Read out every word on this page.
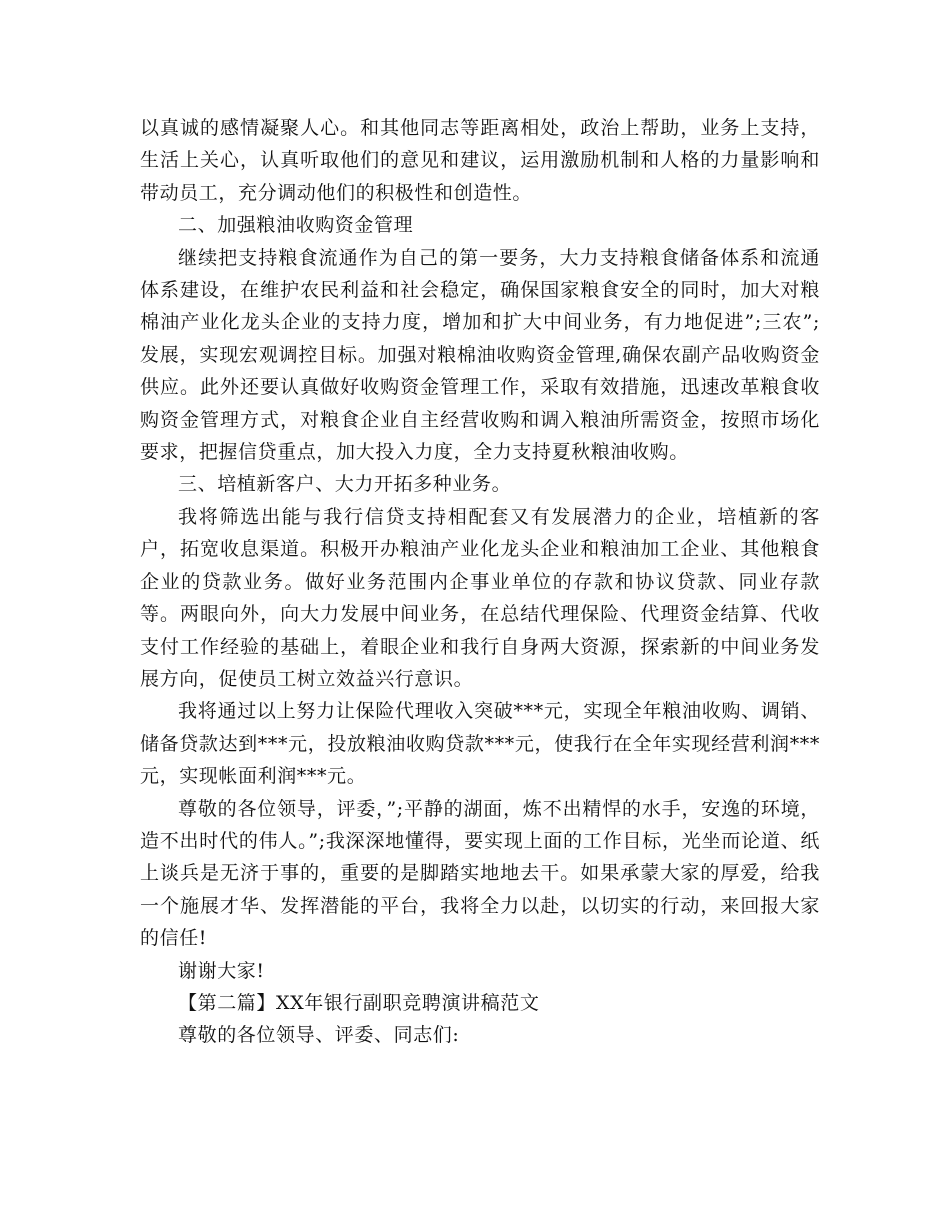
以真诚的感情凝聚人心。和其他同志等距离相处，政治上帮助，业务上支持，生活上关心，认真听取他们的意见和建议，运用激励机制和人格的力量影响和带动员工，充分调动他们的积极性和创造性。

二、加强粮油收购资金管理

继续把支持粮食流通作为自己的第一要务，大力支持粮食储备体系和流通体系建设，在维护农民利益和社会稳定，确保国家粮食安全的同时，加大对粮棉油产业化龙头企业的支持力度，增加和扩大中间业务，有力地促进”;三农”;发展，实现宏观调控目标。加强对粮棉油收购资金管理,确保农副产品收购资金供应。此外还要认真做好收购资金管理工作，采取有效措施，迅速改革粮食收购资金管理方式，对粮食企业自主经营收购和调入粮油所需资金，按照市场化要求，把握信贷重点，加大投入力度，全力支持夏秋粮油收购。

三、培植新客户、大力开拓多种业务。

我将筛选出能与我行信贷支持相配套又有发展潜力的企业，培植新的客户，拓宽收息渠道。积极开办粮油产业化龙头企业和粮油加工企业、其他粮食企业的贷款业务。做好业务范围内企事业单位的存款和协议贷款、同业存款等。两眼向外，向大力发展中间业务，在总结代理保险、代理资金结算、代收支付工作经验的基础上，着眼企业和我行自身两大资源，探索新的中间业务发展方向，促使员工树立效益兴行意识。

我将通过以上努力让保险代理收入突破***元，实现全年粮油收购、调销、储备贷款达到***元，投放粮油收购贷款***元，使我行在全年实现经营利润***元，实现帐面利润***元。

尊敬的各位领导，评委，”;平静的湖面，炼不出精悍的水手，安逸的环境，造不出时代的伟人。”;我深深地懂得，要实现上面的工作目标，光坐而论道、纸上谈兵是无济于事的，重要的是脚踏实地地去干。如果承蒙大家的厚爱，给我一个施展才华、发挥潜能的平台，我将全力以赴，以切实的行动，来回报大家的信任!

谢谢大家!

【第二篇】XX年银行副职竞聘演讲稿范文

尊敬的各位领导、评委、同志们:
